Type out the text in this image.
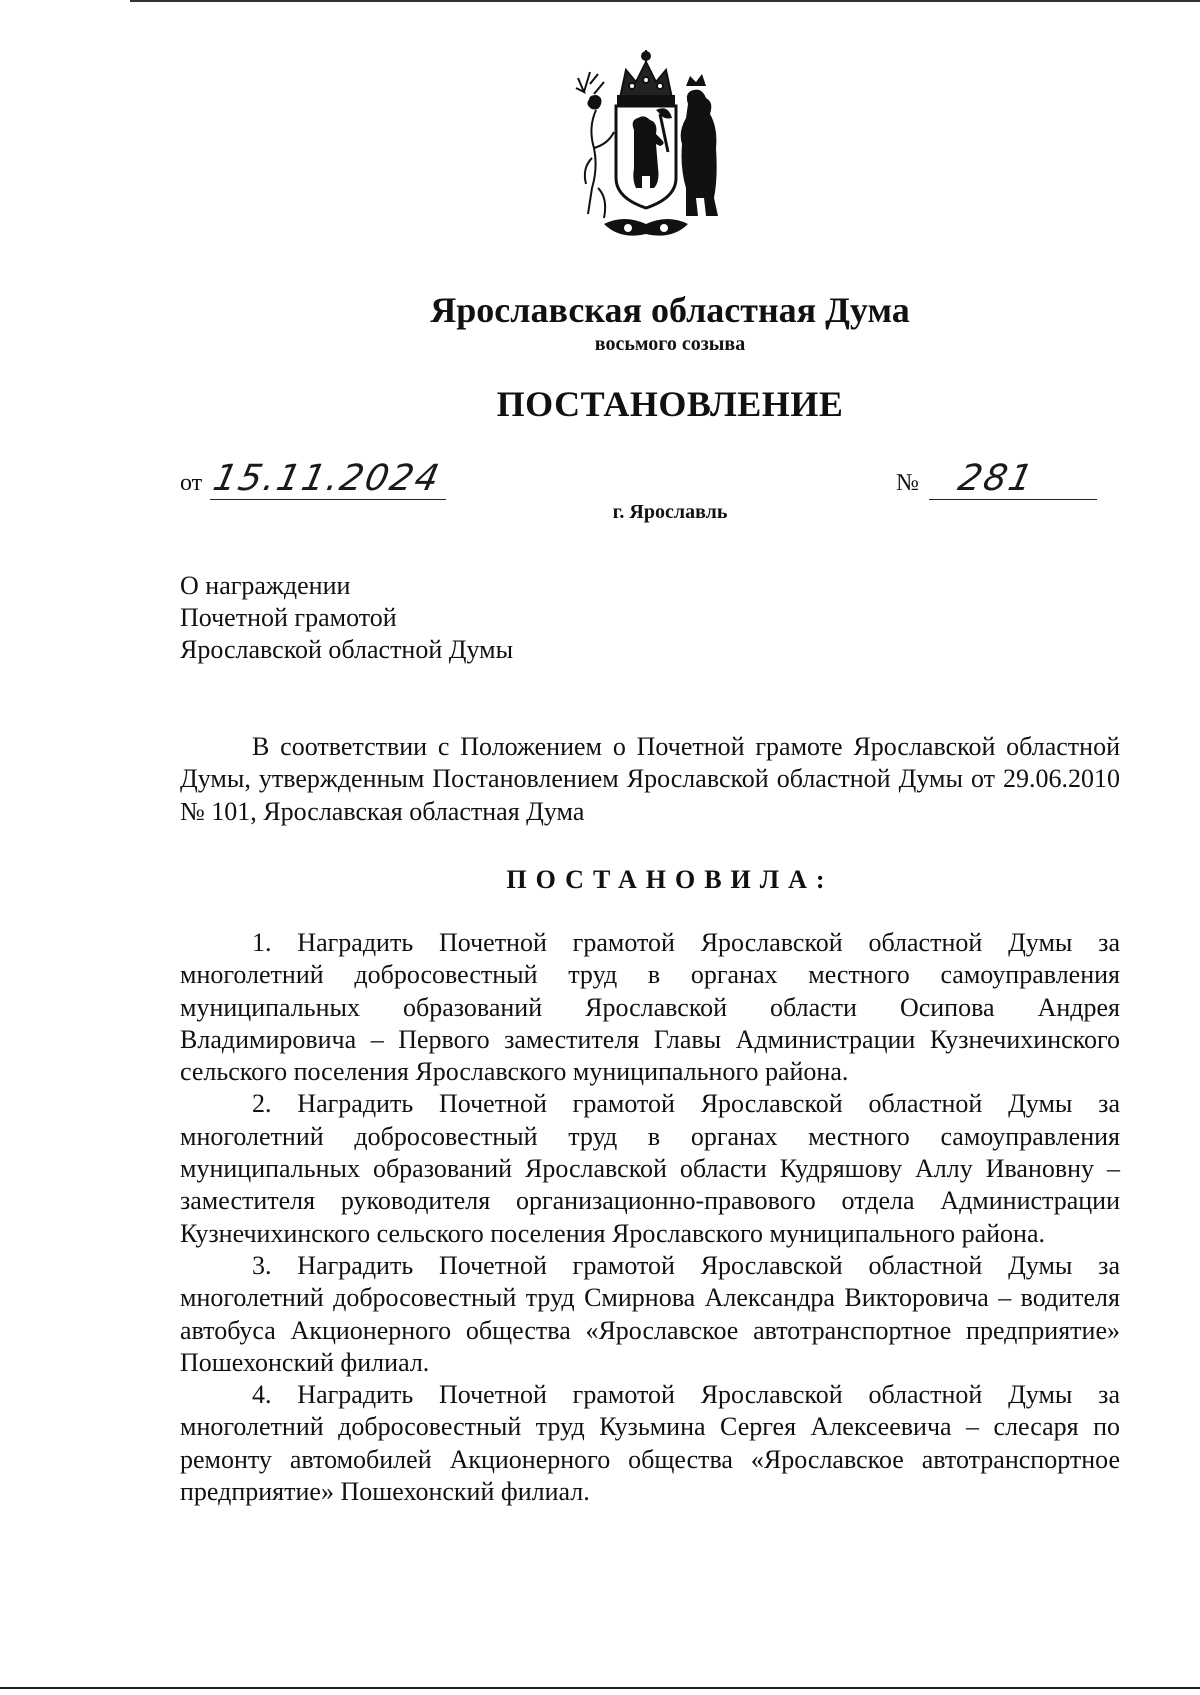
Ярославская областная Дума
восьмого созыва
ПОСТАНОВЛЕНИЕ
от 15.11.2024	№ 281
г. Ярославль
О награждении
Почетной грамотой
Ярославской областной Думы

В соответствии с Положением о Почетной грамоте Ярославской областной Думы, утвержденным Постановлением Ярославской областной Думы от 29.06.2010 № 101, Ярославская областная Дума

ПОСТАНОВИЛА:

1. Наградить Почетной грамотой Ярославской областной Думы за многолетний добросовестный труд в органах местного самоуправления муниципальных образований Ярославской области Осипова Андрея Владимировича – Первого заместителя Главы Администрации Кузнечихинского сельского поселения Ярославского муниципального района.

2. Наградить Почетной грамотой Ярославской областной Думы за многолетний добросовестный труд в органах местного самоуправления муниципальных образований Ярославской области Кудряшову Аллу Ивановну – заместителя руководителя организационно-правового отдела Администрации Кузнечихинского сельского поселения Ярославского муниципального района.

3. Наградить Почетной грамотой Ярославской областной Думы за многолетний добросовестный труд Смирнова Александра Викторовича – водителя автобуса Акционерного общества «Ярославское автотранспортное предприятие» Пошехонский филиал.

4. Наградить Почетной грамотой Ярославской областной Думы за многолетний добросовестный труд Кузьмина Сергея Алексеевича – слесаря по ремонту автомобилей Акционерного общества «Ярославское автотранспортное предприятие» Пошехонский филиал.
